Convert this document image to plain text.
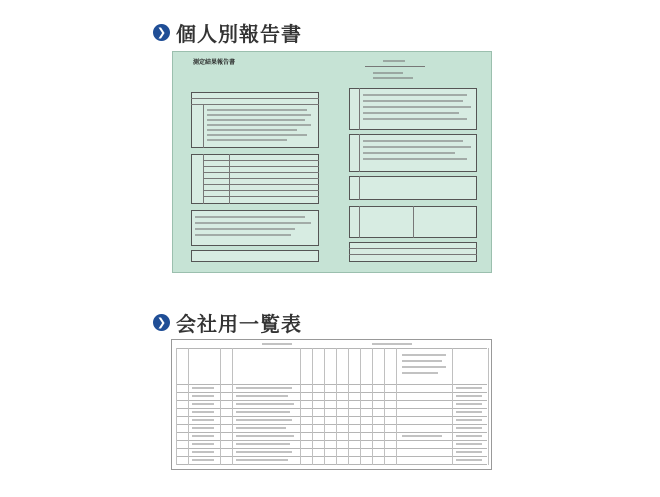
❯ 個人別報告書
測定結果報告書
❯ 会社用一覧表
